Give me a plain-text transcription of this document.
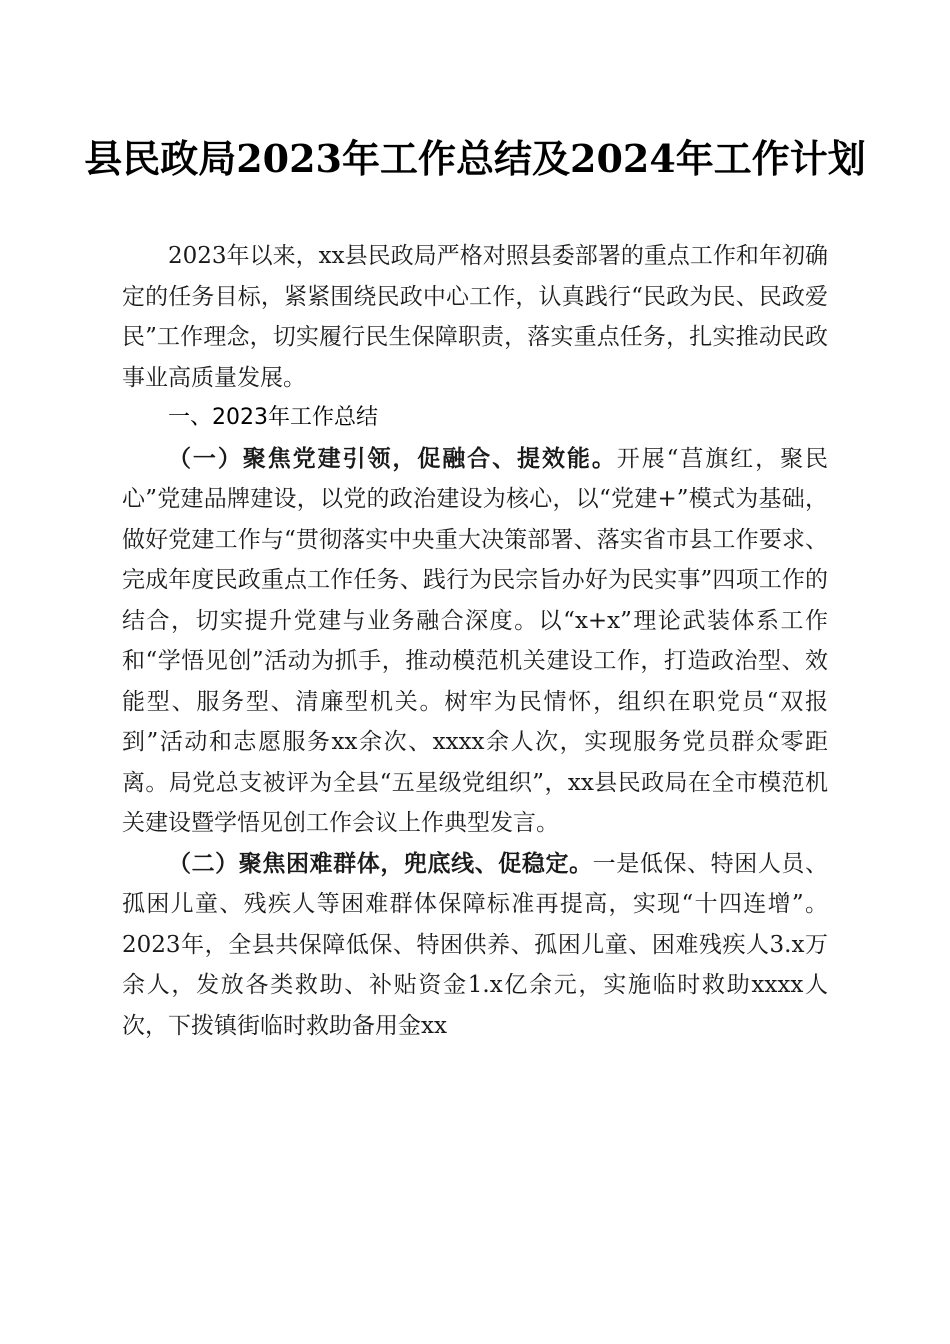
县民政局2023年工作总结及2024年工作计划

2023年以来，xx县民政局严格对照县委部署的重点工作和年初确定的任务目标，紧紧围绕民政中心工作，认真践行“民政为民、民政爱民”工作理念，切实履行民生保障职责，落实重点任务，扎实推动民政事业高质量发展。

一、2023年工作总结

（一）聚焦党建引领，促融合、提效能。开展“莒旗红，聚民心”党建品牌建设，以党的政治建设为核心，以“党建+”模式为基础，做好党建工作与“贯彻落实中央重大决策部署、落实省市县工作要求、完成年度民政重点工作任务、践行为民宗旨办好为民实事”四项工作的结合，切实提升党建与业务融合深度。以“x+x”理论武装体系工作和“学悟见创”活动为抓手，推动模范机关建设工作，打造政治型、效能型、服务型、清廉型机关。树牢为民情怀，组织在职党员“双报到”活动和志愿服务xx余次、xxxx余人次，实现服务党员群众零距离。局党总支被评为全县“五星级党组织”，xx县民政局在全市模范机关建设暨学悟见创工作会议上作典型发言。

（二）聚焦困难群体，兜底线、促稳定。一是低保、特困人员、孤困儿童、残疾人等困难群体保障标准再提高，实现“十四连增”。2023年，全县共保障低保、特困供养、孤困儿童、困难残疾人3.x万余人，发放各类救助、补贴资金1.x亿余元，实施临时救助xxxx人次，下拨镇街临时救助备用金xx
